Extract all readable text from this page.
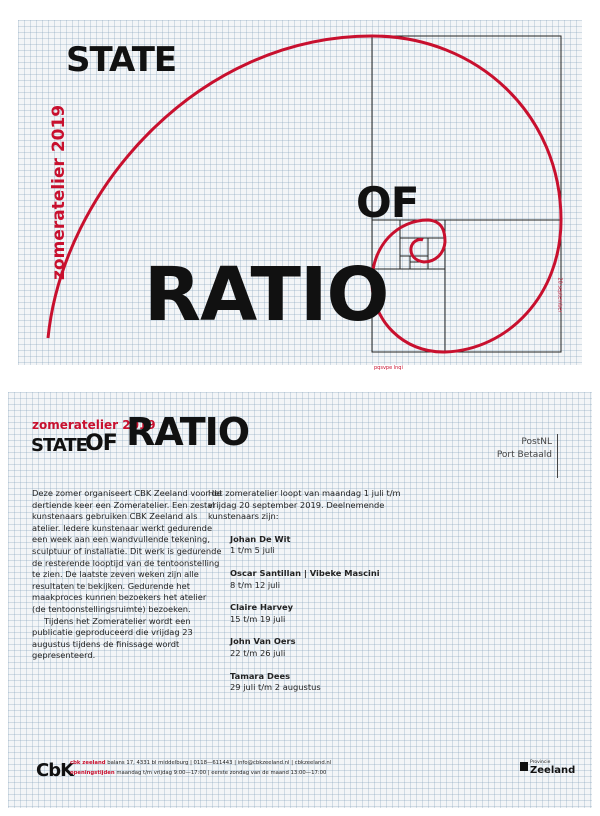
STATE
OF
RATIO
zomeratelier 2019
20 september
pqsvpe lnqi
zomeratelier 2019
STATE
OF RATIO	PostNL
Port Betaald

Deze zomer organiseert CBK Zeeland voor de dertiende keer een Zomeratelier. Een zestal kunstenaars gebruiken CBK Zeeland als atelier. Iedere kunstenaar werkt gedurende een week aan een wandvullende tekening, sculptuur of installatie. Dit werk is gedurende de resterende looptijd van de tentoonstelling te zien. De laatste zeven weken zijn alle resultaten te bekijken. Gedurende het maakproces kunnen bezoekers het atelier (de tentoonstellingsruimte) bezoeken.

Tijdens het Zomeratelier wordt een publicatie geproduceerd die vrijdag 23 augustus tijdens de finissage wordt gepresenteerd.

Het zomeratelier loopt van maandag 1 juli t/m vrijdag 20 september 2019. Deelnemende kunstenaars zijn:

Johan De Wit
1 t/m 5 juli
Oscar Santillan | Vibeke Mascini
8 t/m 12 juli
Claire Harvey
15 t/m 19 juli
John Van Oers
22 t/m 26 juli
Tamara Dees
29 juli t/m 2 augustus
CbK
cbk zeeland balans 17, 4331 bl middelburg | 0118—611443 | info@cbkzeeland.nl | cbkzeeland.nl
openingstijden maandag t/m vrijdag 9:00—17:00 | eerste zondag van de maand 13:00—17:00
Provincie
Zeeland
